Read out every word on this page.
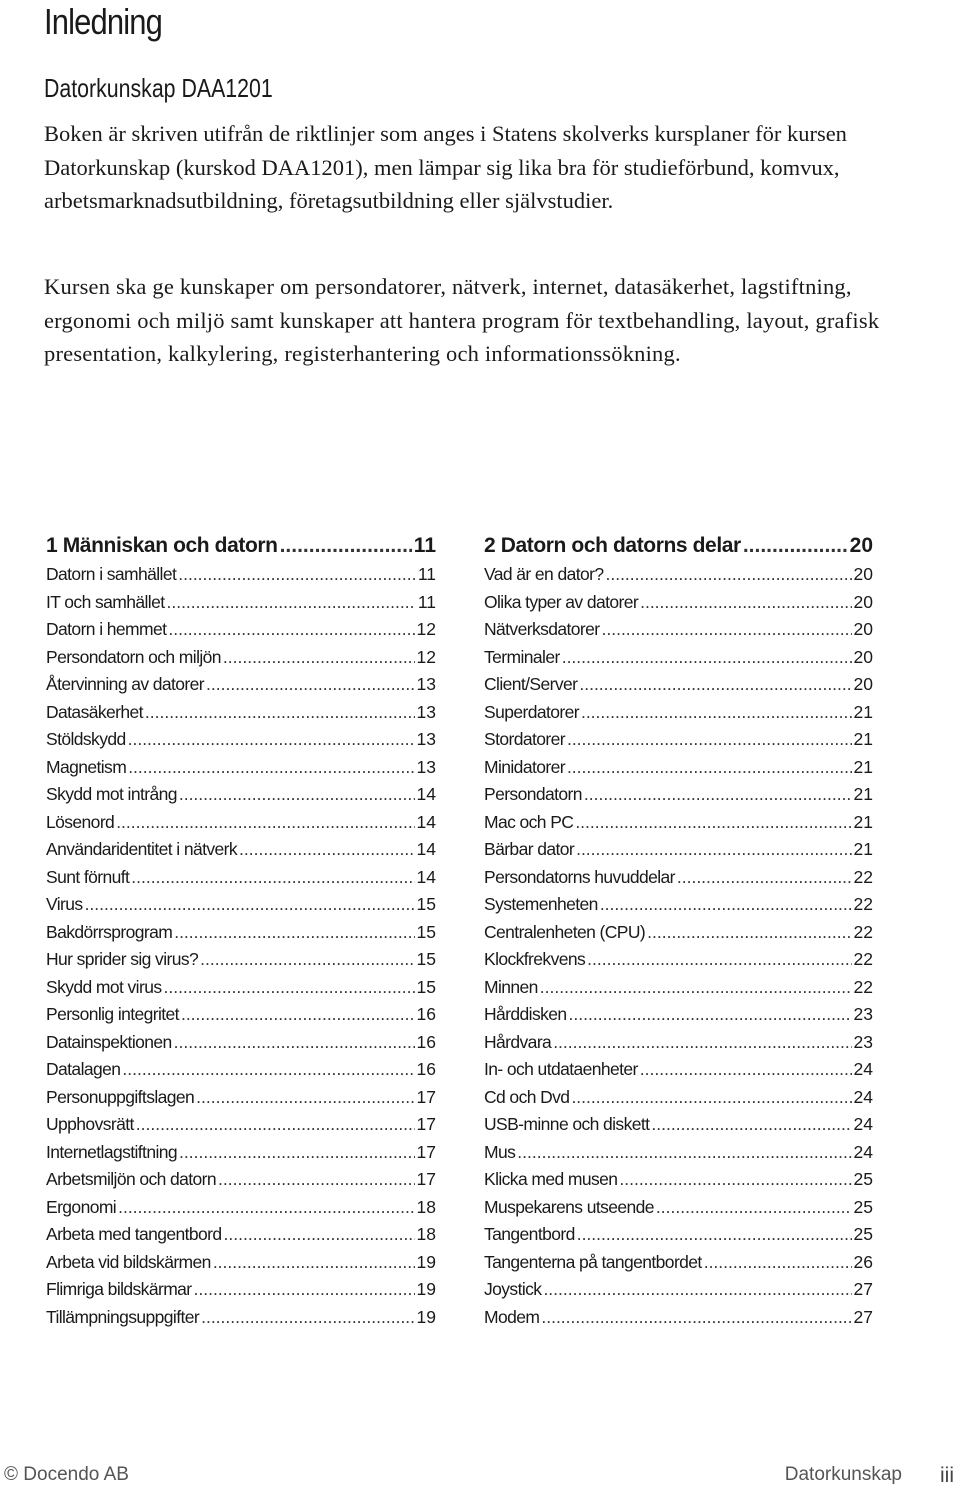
Inledning
Datorkunskap DAA1201

Boken är skriven utifrån de riktlinjer som anges i Statens skolverks kursplaner för kursen Datorkunskap (kurskod DAA1201), men lämpar sig lika bra för studieförbund, komvux, arbetsmarknadsutbildning, företagsutbildning eller självstudier.

Kursen ska ge kunskaper om persondatorer, nätverk, internet, datasäkerhet, lagstiftning, ergonomi och miljö samt kunskaper att hantera program för textbehandling, layout, grafisk presentation, kalkylering, registerhantering och informationssökning.

1 Människan och datorn .....	11
Datorn i samhället .....	11
IT och samhället .....	11
Datorn i hemmet .....	12
Persondatorn och miljön .....	12
Återvinning av datorer .....	13
Datasäkerhet .....	13
Stöldskydd .....	13
Magnetism .....	13
Skydd mot intrång .....	14
Lösenord .....	14
Användaridentitet i nätverk .....	14
Sunt förnuft .....	14
Virus .....	15
Bakdörrsprogram .....	15
Hur sprider sig virus? .....	15
Skydd mot virus .....	15
Personlig integritet .....	16
Datainspektionen .....	16
Datalagen .....	16
Personuppgiftslagen .....	17
Upphovsrätt .....	17
Internetlagstiftning .....	17
Arbetsmiljön och datorn .....	17
Ergonomi .....	18
Arbeta med tangentbord .....	18
Arbeta vid bildskärmen .....	19
Flimriga bildskärmar .....	19
Tillämpningsuppgifter .....	19
2 Datorn och datorns delar .....	20
Vad är en dator? .....	20
Olika typer av datorer .....	20
Nätverksdatorer .....	20
Terminaler .....	20
Client/Server .....	20
Superdatorer .....	21
Stordatorer .....	21
Minidatorer .....	21
Persondatorn .....	21
Mac och PC .....	21
Bärbar dator .....	21
Persondatorns huvuddelar .....	22
Systemenheten .....	22
Centralenheten (CPU) .....	22
Klockfrekvens .....	22
Minnen .....	22
Hårddisken .....	23
Hårdvara .....	23
In- och utdataenheter .....	24
Cd och Dvd .....	24
USB-minne och diskett .....	24
Mus .....	24
Klicka med musen .....	25
Muspekarens utseende .....	25
Tangentbord .....	25
Tangenterna på tangentbordet .....	26
Joystick .....	27
Modem .....	27
© Docendo AB	Datorkunskap iii
